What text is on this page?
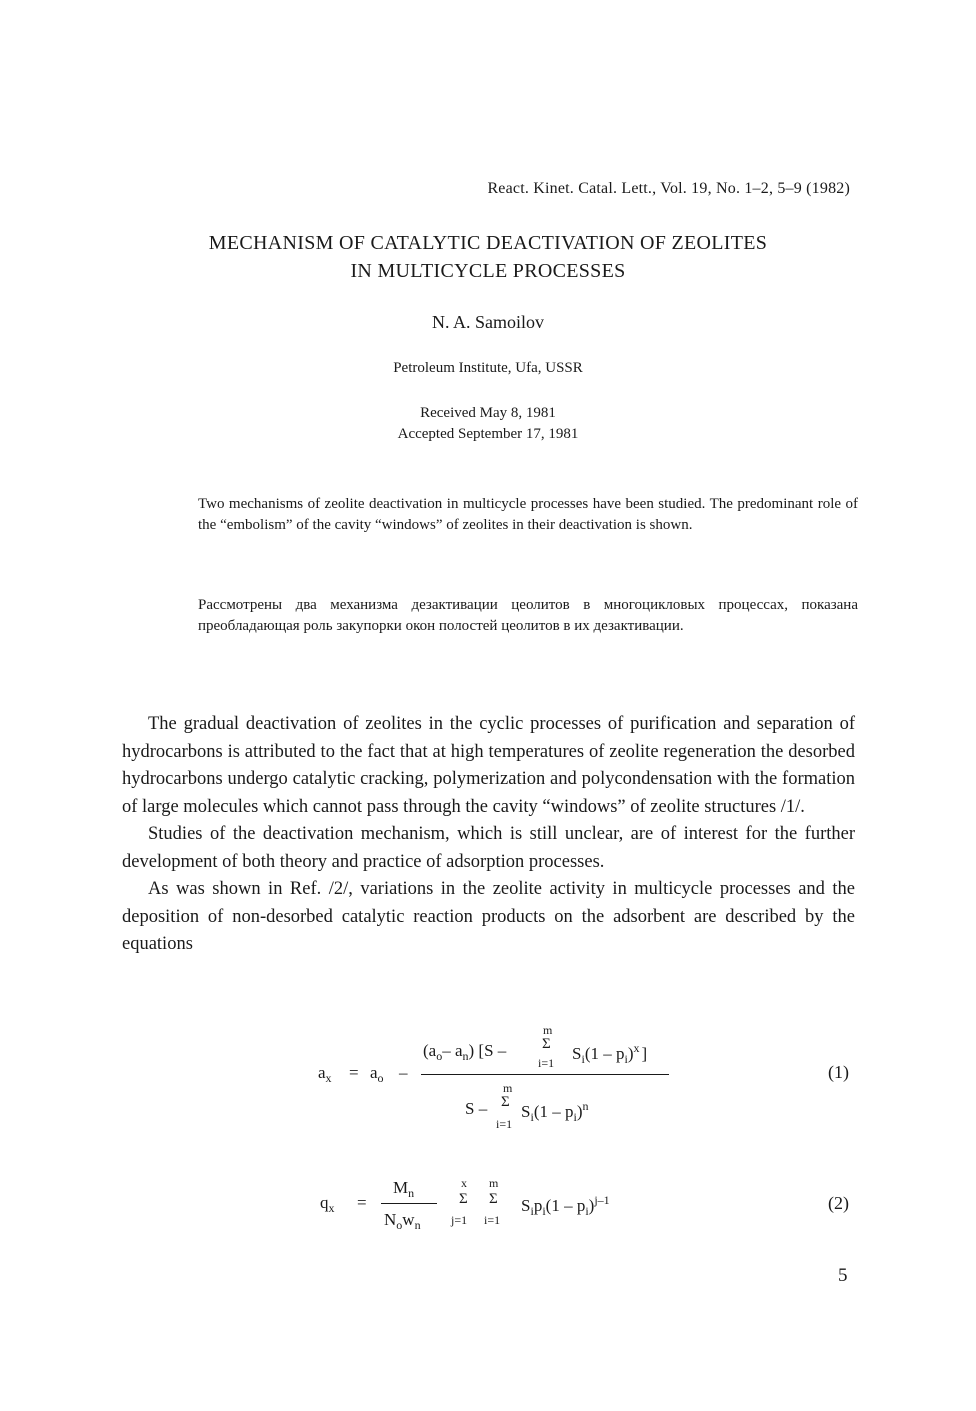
React. Kinet. Catal. Lett., Vol. 19, No. 1–2, 5–9 (1982)
MECHANISM OF CATALYTIC DEACTIVATION OF ZEOLITES
IN MULTICYCLE PROCESSES
N. A. Samoilov
Petroleum Institute, Ufa, USSR
Received May 8, 1981
Accepted September 17, 1981
Two mechanisms of zeolite deactivation in multicycle processes have been studied. The predominant role of the “embolism” of the cavity “windows” of zeolites in their deactivation is shown.
Рассмотрены два механизма дезактивации цеолитов в многоцикловых процессах, показана преобладающая роль закупорки окон полостей цеолитов в их дезактивации.

The gradual deactivation of zeolites in the cyclic processes of purification and separation of hydrocarbons is attributed to the fact that at high temperatures of zeolite regeneration the desorbed hydrocarbons undergo catalytic cracking, polymerization and polycondensation with the formation of large molecules which cannot pass through the cavity “windows” of zeolite structures /1/.

Studies of the deactivation mechanism, which is still unclear, are of interest for the further development of both theory and practice of adsorption processes.

As was shown in Ref. /2/, variations in the zeolite activity in multicycle processes and the deposition of non-desorbed catalytic reaction products on the adsorbent are described by the equations

$a_x = a_o$ –
($a_o-$ $a_n$) [S –
m
Σ
i=1 $S_i(1 - p_i)^x$ ]
m
S – Σ
i=1
$S_i(1 - p_i)^n$
(1)
$q_x$ =
$M_n$
$N_ow_n$
x
Σ
j=1
m
Σ
i=1
$S_ip_i(1 - p_i)^{j-1}$	(2)
5
